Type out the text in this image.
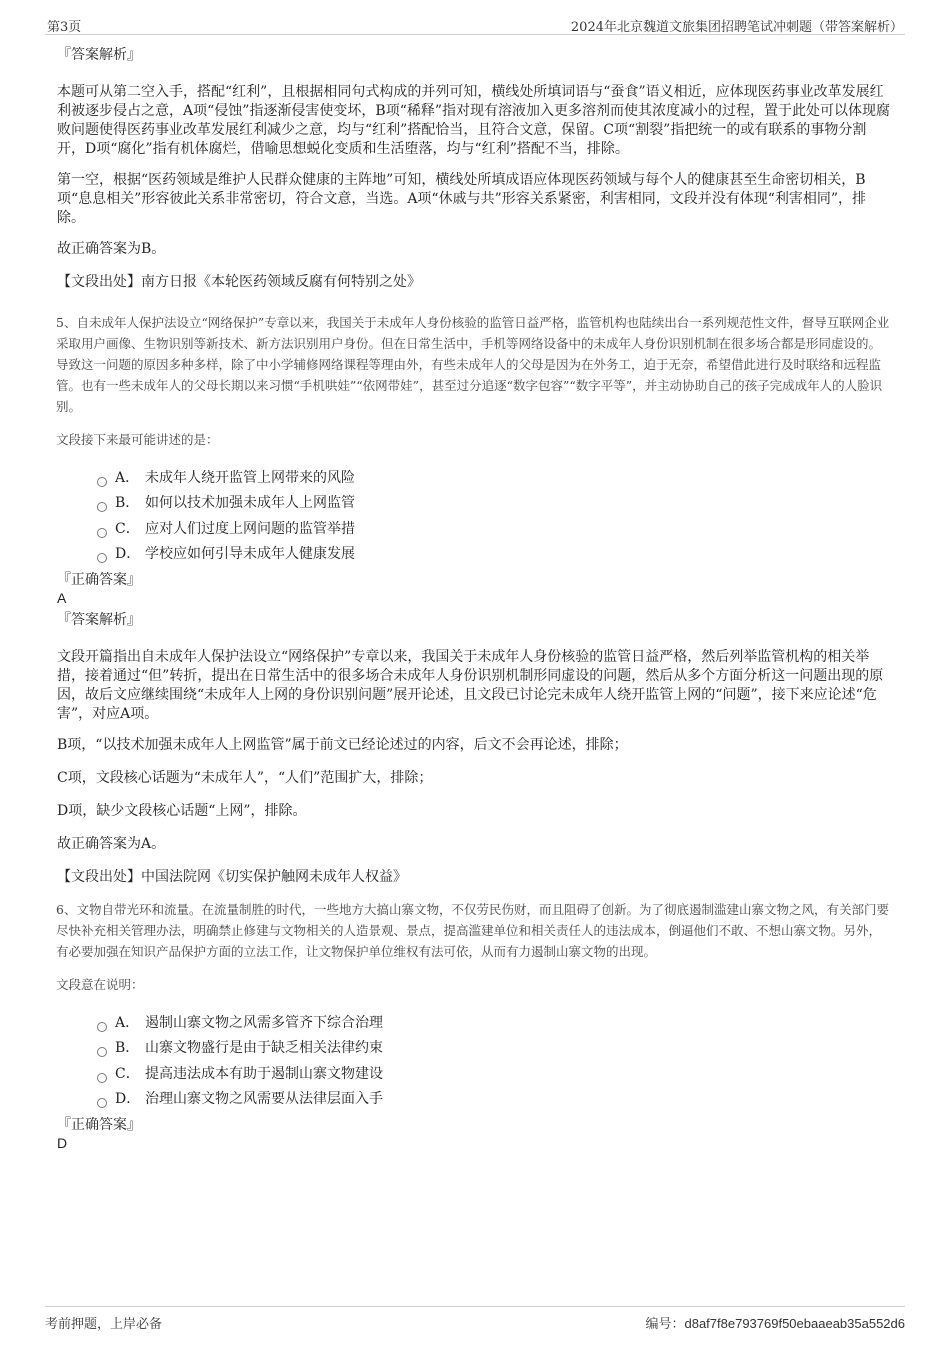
第3页	2024年北京魏道文旅集团招聘笔试冲刺题（带答案解析）

『答案解析』

本题可从第二空入手，搭配“红利”，且根据相同句式构成的并列可知，横线处所填词语与“蚕食”语义相近，应体现医药事业改革发展红利被逐步侵占之意，A项“侵蚀”指逐渐侵害使变坏，B项“稀释”指对现有溶液加入更多溶剂而使其浓度减小的过程，置于此处可以体现腐败问题使得医药事业改革发展红利减少之意，均与“红利”搭配恰当，且符合文意，保留。C项“割裂”指把统一的或有联系的事物分割开，D项“腐化”指有机体腐烂，借喻思想蜕化变质和生活堕落，均与“红利”搭配不当，排除。

第一空，根据“医药领域是维护人民群众健康的主阵地”可知，横线处所填成语应体现医药领域与每个人的健康甚至生命密切相关，B项“息息相关”形容彼此关系非常密切，符合文意，当选。A项“休戚与共”形容关系紧密，利害相同，文段并没有体现“利害相同”，排除。

故正确答案为B。

【文段出处】南方日报《本轮医药领域反腐有何特别之处》

5、自未成年人保护法设立“网络保护”专章以来，我国关于未成年人身份核验的监管日益严格，监管机构也陆续出台一系列规范性文件，督导互联网企业采取用户画像、生物识别等新技术、新方法识别用户身份。但在日常生活中，手机等网络设备中的未成年人身份识别机制在很多场合都是形同虚设的。导致这一问题的原因多种多样，除了中小学辅修网络课程等理由外，有些未成年人的父母是因为在外务工，迫于无奈，希望借此进行及时联络和远程监管。也有一些未成年人的父母长期以来习惯“手机哄娃”“依网带娃”，甚至过分追逐“数字包容”“数字平等”，并主动协助自己的孩子完成成年人的人脸识别。

文段接下来最可能讲述的是：

A． 未成年人绕开监管上网带来的风险
B． 如何以技术加强未成年人上网监管
C． 应对人们过度上网问题的监管举措
D． 学校应如何引导未成年人健康发展

『正确答案』

A

『答案解析』

文段开篇指出自未成年人保护法设立“网络保护”专章以来，我国关于未成年人身份核验的监管日益严格，然后列举监管机构的相关举措，接着通过“但”转折，提出在日常生活中的很多场合未成年人身份识别机制形同虚设的问题，然后从多个方面分析这一问题出现的原因，故后文应继续围绕“未成年人上网的身份识别问题”展开论述，且文段已讨论完未成年人绕开监管上网的“问题”，接下来应论述“危害”，对应A项。

B项，“以技术加强未成年人上网监管”属于前文已经论述过的内容，后文不会再论述，排除；

C项，文段核心话题为“未成年人”，“人们”范围扩大，排除；

D项，缺少文段核心话题“上网”，排除。

故正确答案为A。

【文段出处】中国法院网《切实保护触网未成年人权益》

6、文物自带光环和流量。在流量制胜的时代，一些地方大搞山寨文物，不仅劳民伤财，而且阻碍了创新。为了彻底遏制滥建山寨文物之风，有关部门要尽快补充相关管理办法，明确禁止修建与文物相关的人造景观、景点，提高滥建单位和相关责任人的违法成本，倒逼他们不敢、不想山寨文物。另外，有必要加强在知识产品保护方面的立法工作，让文物保护单位维权有法可依，从而有力遏制山寨文物的出现。

文段意在说明：

A． 遏制山寨文物之风需多管齐下综合治理
B． 山寨文物盛行是由于缺乏相关法律约束
C． 提高违法成本有助于遏制山寨文物建设
D． 治理山寨文物之风需要从法律层面入手

『正确答案』

D

考前押题，上岸必备	编号：d8af7f8e793769f50ebaaeab35a552d6
